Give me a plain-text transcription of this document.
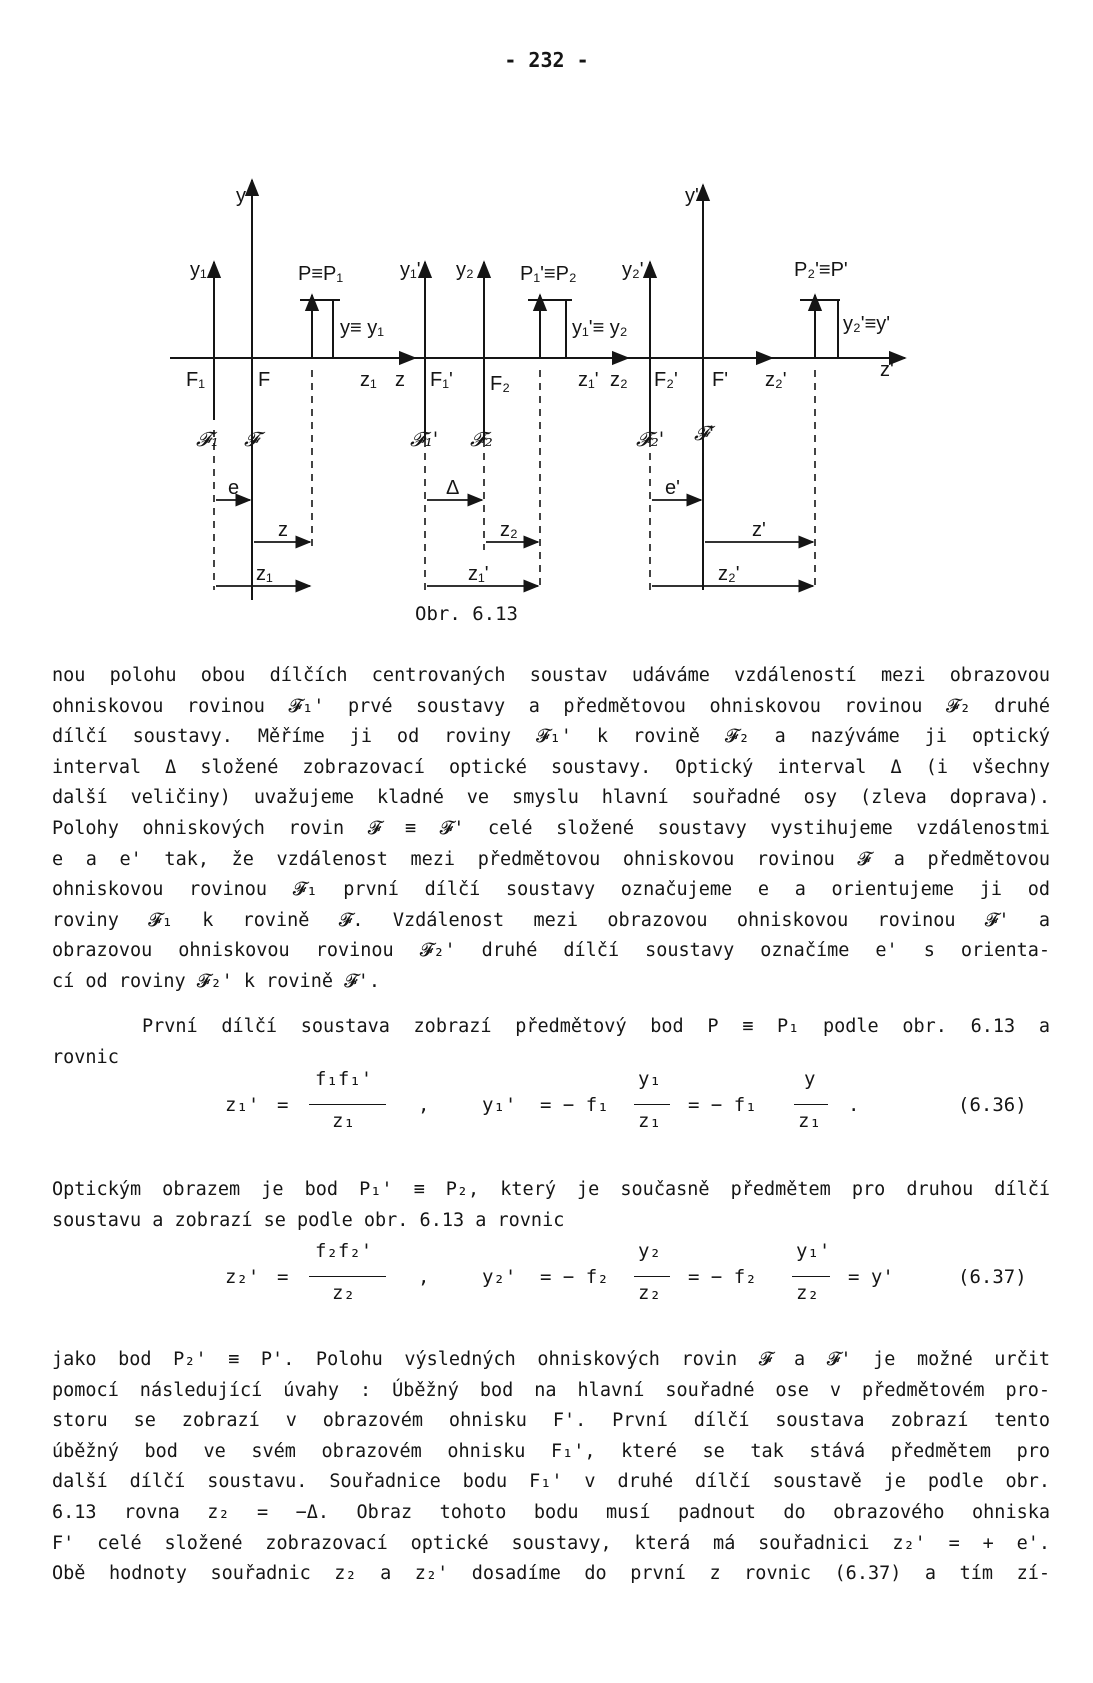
- 232 -
y	y'
y₁	y₁' y₂	y₂'
P≡P₁	P₁'≡P₂	P₂'≡P'
y≡ y₁	y₁'≡ y₂	y₂'≡y'
F₁	F	z₁ z F₁' F₂	z₁' z₂ F₂' F' z₂'	z'
𝓕₁ 𝓕	𝓕₁' 𝓕₂	𝓕₂' 𝓕'
e
z
z₁
Δ
z₂
z₁'
e'
z'
z₂'
Obr. 6.13
nou polohu obou dílčích centrovaných soustav udáváme vzdáleností mezi obrazovou
ohniskovou rovinou 𝓕₁' prvé soustavy a předmětovou ohniskovou rovinou 𝓕₂ druhé
dílčí soustavy. Měříme ji od roviny 𝓕₁' k rovině 𝓕₂ a nazýváme ji optický
interval Δ složené zobrazovací optické soustavy. Optický interval Δ (i všechny
další veličiny) uvažujeme kladné ve smyslu hlavní souřadné osy (zleva doprava).
Polohy ohniskových rovin 𝓕 ≡ 𝓕' celé složené soustavy vystihujeme vzdálenostmi
e a e' tak, že vzdálenost mezi předmětovou ohniskovou rovinou 𝓕 a předmětovou
ohniskovou rovinou 𝓕₁ první dílčí soustavy označujeme e a orientujeme ji od
roviny 𝓕₁ k rovině 𝓕. Vzdálenost mezi obrazovou ohniskovou rovinou 𝓕' a
obrazovou ohniskovou rovinou 𝓕₂' druhé dílčí soustavy označíme e' s orienta-
cí od roviny 𝓕₂' k rovině 𝓕'.
První dílčí soustava zobrazí předmětový bod P ≡ P₁ podle obr. 6.13 a
rovnic
z₁' =
f₁f₁'
z₁
,	y₁' = − f₁
y₁
z₁
= − f₁
y
z₁
.	(6.36)
Optickým obrazem je bod P₁' ≡ P₂, který je současně předmětem pro druhou dílčí
soustavu a zobrazí se podle obr. 6.13 a rovnic
z₂' =
f₂f₂'
z₂
,	y₂' = − f₂
y₂
z₂
= − f₂
y₁'
z₂
= y'	(6.37)
jako bod P₂' ≡ P'. Polohu výsledných ohniskových rovin 𝓕 a 𝓕' je možné určit
pomocí následující úvahy : Úběžný bod na hlavní souřadné ose v předmětovém pro-
storu se zobrazí v obrazovém ohnisku F'. První dílčí soustava zobrazí tento
úběžný bod ve svém obrazovém ohnisku F₁', které se tak stává předmětem pro
další dílčí soustavu. Souřadnice bodu F₁' v druhé dílčí soustavě je podle obr.
6.13 rovna z₂ = −Δ. Obraz tohoto bodu musí padnout do obrazového ohniska
F' celé složené zobrazovací optické soustavy, která má souřadnici z₂' = + e'.
Obě hodnoty souřadnic z₂ a z₂' dosadíme do první z rovnic (6.37) a tím zí-
